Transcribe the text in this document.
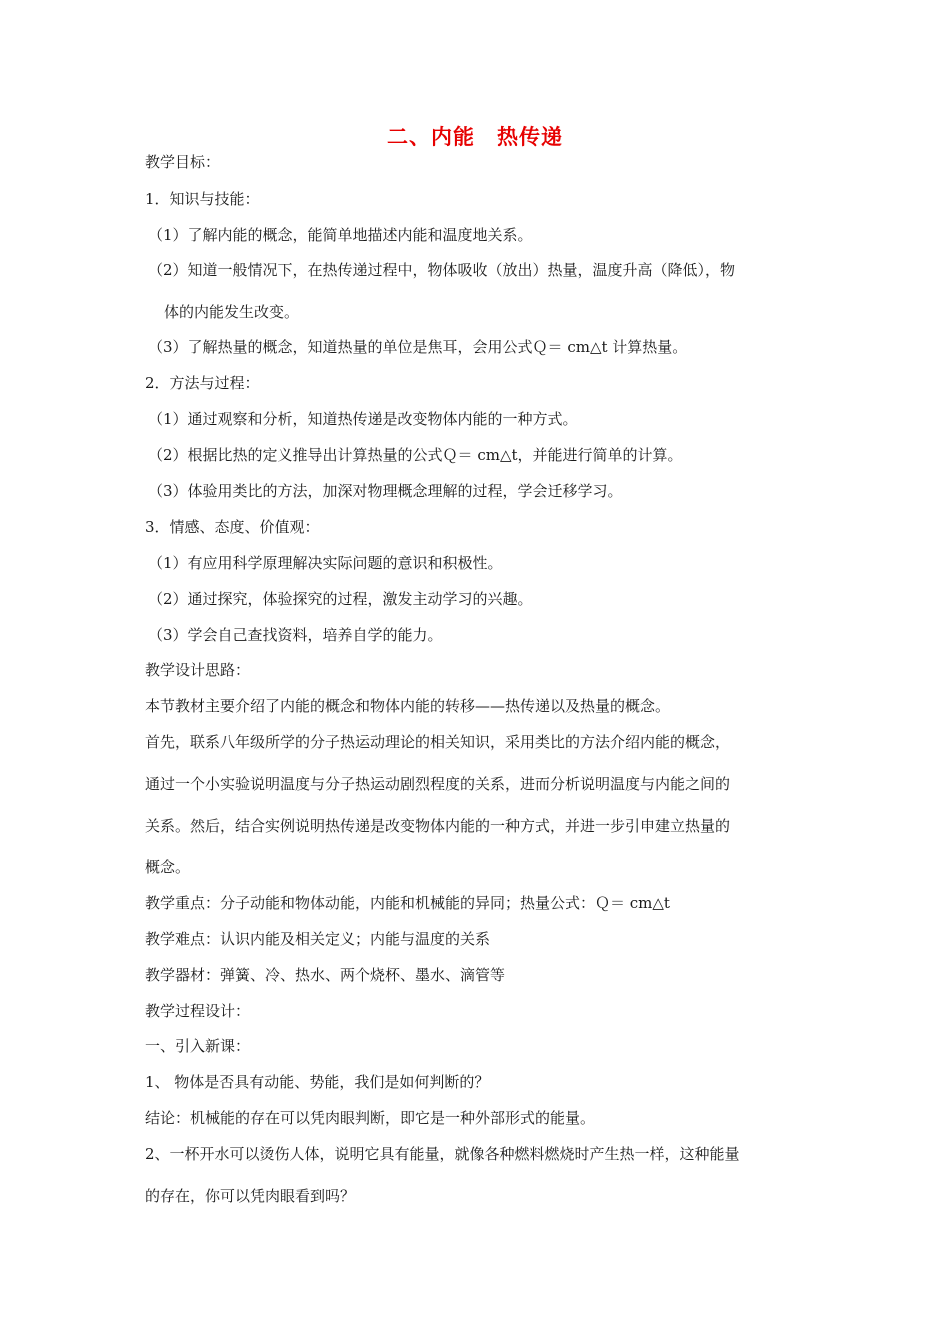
二、内能　热传递
教学目标：
1．知识与技能：
（1）了解内能的概念，能简单地描述内能和温度地关系。
（2）知道一般情况下，在热传递过程中，物体吸收（放出）热量，温度升高（降低），物
体的内能发生改变。
（3）了解热量的概念，知道热量的单位是焦耳，会用公式Ｑ＝ cm△t 计算热量。
2．方法与过程：
（1）通过观察和分析，知道热传递是改变物体内能的一种方式。
（2）根据比热的定义推导出计算热量的公式Ｑ＝ cm△t，并能进行简单的计算。
（3）体验用类比的方法，加深对物理概念理解的过程，学会迁移学习。
3．情感、态度、价值观：
（1）有应用科学原理解决实际问题的意识和积极性。
（2）通过探究，体验探究的过程，激发主动学习的兴趣。
（3）学会自己查找资料，培养自学的能力。
教学设计思路：
本节教材主要介绍了内能的概念和物体内能的转移——热传递以及热量的概念。
首先，联系八年级所学的分子热运动理论的相关知识，采用类比的方法介绍内能的概念，
通过一个小实验说明温度与分子热运动剧烈程度的关系，进而分析说明温度与内能之间的
关系。然后，结合实例说明热传递是改变物体内能的一种方式，并进一步引申建立热量的
概念。
教学重点：分子动能和物体动能，内能和机械能的异同；热量公式：Ｑ＝ cm△t
教学难点：认识内能及相关定义；内能与温度的关系
教学器材：弹簧、冷、热水、两个烧杯、墨水、滴管等
教学过程设计：
一、引入新课：
1、 物体是否具有动能、势能，我们是如何判断的？
结论：机械能的存在可以凭肉眼判断，即它是一种外部形式的能量。
2、一杯开水可以烫伤人体，说明它具有能量，就像各种燃料燃烧时产生热一样，这种能量
的存在，你可以凭肉眼看到吗？
